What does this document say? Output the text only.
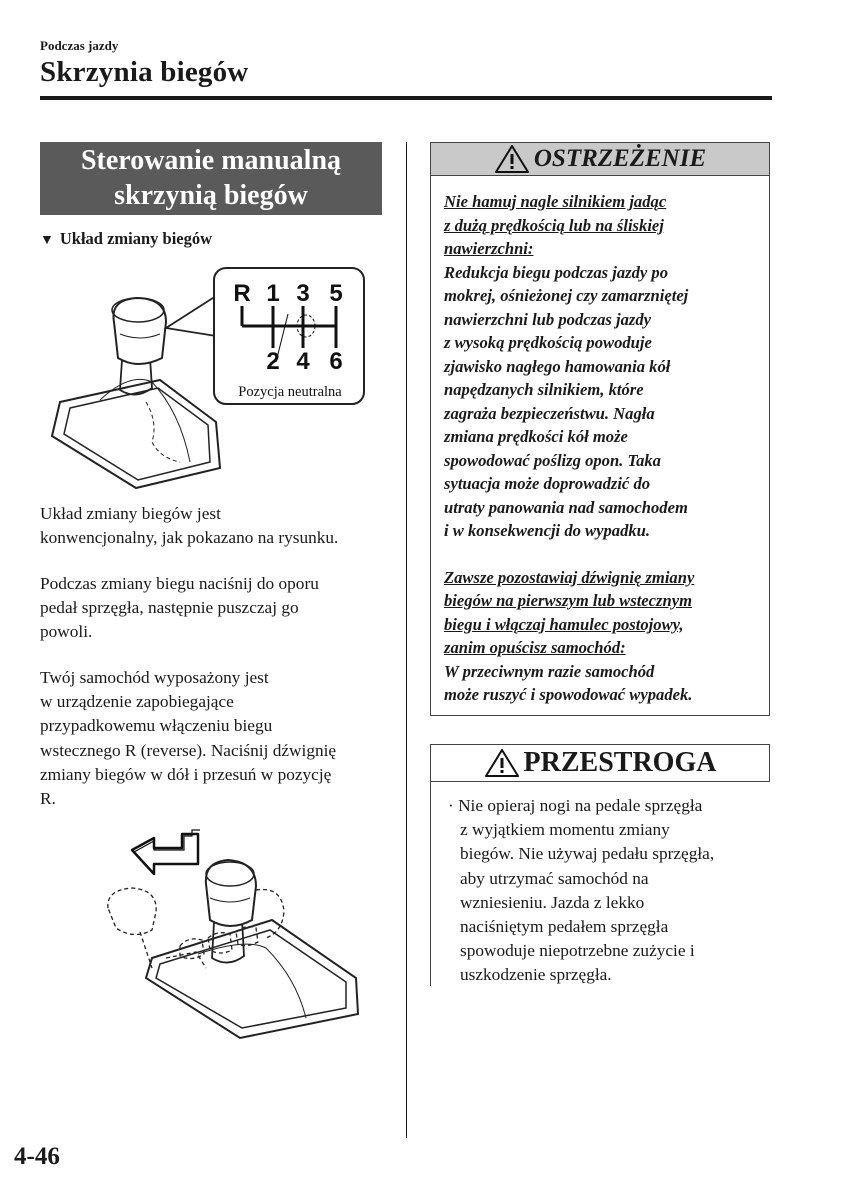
Podczas jazdy
Skrzynia biegów
Sterowanie manualną
skrzynią biegów
▼ Układ zmiany biegów
R 1 3 5
2 4 6
Pozycja neutralna
Układ zmiany biegów jest
konwencjonalny, jak pokazano na rysunku.
Podczas zmiany biegu naciśnij do oporu
pedał sprzęgła, następnie puszczaj go
powoli.
Twój samochód wyposażony jest
w urządzenie zapobiegające
przypadkowemu włączeniu biegu
wstecznego R (reverse). Naciśnij dźwignię
zmiany biegów w dół i przesuń w pozycję
R.
OSTRZEŻENIE
Nie hamuj nagle silnikiem jadąc
z dużą prędkością lub na śliskiej
nawierzchni:
Redukcja biegu podczas jazdy po
mokrej, ośnieżonej czy zamarzniętej
nawierzchni lub podczas jazdy
z wysoką prędkością powoduje
zjawisko nagłego hamowania kół
napędzanych silnikiem, które
zagraża bezpieczeństwu. Nagła
zmiana prędkości kół może
spowodować poślizg opon. Taka
sytuacja może doprowadzić do
utraty panowania nad samochodem
i w konsekwencji do wypadku.
Zawsze pozostawiaj dźwignię zmiany
biegów na pierwszym lub wstecznym
biegu i włączaj hamulec postojowy,
zanim opuścisz samochód:
W przeciwnym razie samochód
może ruszyć i spowodować wypadek.
PRZESTROGA
· Nie opieraj nogi na pedale sprzęgła
z wyjątkiem momentu zmiany
biegów. Nie używaj pedału sprzęgła,
aby utrzymać samochód na
wzniesieniu. Jazda z lekko
naciśniętym pedałem sprzęgła
spowoduje niepotrzebne zużycie i
uszkodzenie sprzęgła.
4-46
